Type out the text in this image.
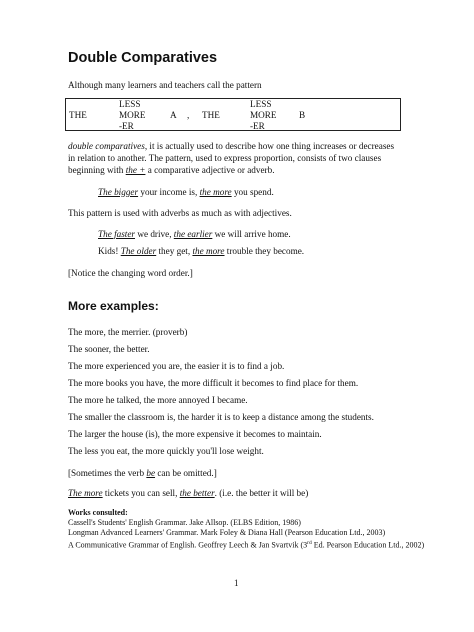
Double Comparatives
Although many learners and teachers call the pattern
THE
LESS
MORE
-ER
A , THE
LESS
MORE
-ER
B
double comparatives, it is actually used to describe how one thing increases or decreases
in relation to another. The pattern, used to express proportion, consists of two clauses
beginning with the + a comparative adjective or adverb.
The bigger your income is, the more you spend.
This pattern is used with adverbs as much as with adjectives.
The faster we drive, the earlier we will arrive home.
Kids! The older they get, the more trouble they become.
[Notice the changing word order.]
More examples:
The more, the merrier. (proverb)
The sooner, the better.
The more experienced you are, the easier it is to find a job.
The more books you have, the more difficult it becomes to find place for them.
The more he talked, the more annoyed I became.
The smaller the classroom is, the harder it is to keep a distance among the students.
The larger the house (is), the more expensive it becomes to maintain.
The less you eat, the more quickly you'll lose weight.
[Sometimes the verb be can be omitted.]
The more tickets you can sell, the better. (i.e. the better it will be)
Works consulted:
Cassell's Students' English Grammar. Jake Allsop. (ELBS Edition, 1986)
Longman Advanced Learners' Grammar. Mark Foley & Diana Hall (Pearson Education Ltd., 2003)
A Communicative Grammar of English. Geoffrey Leech & Jan Svartvik (3rd Ed. Pearson Education Ltd., 2002)
1
